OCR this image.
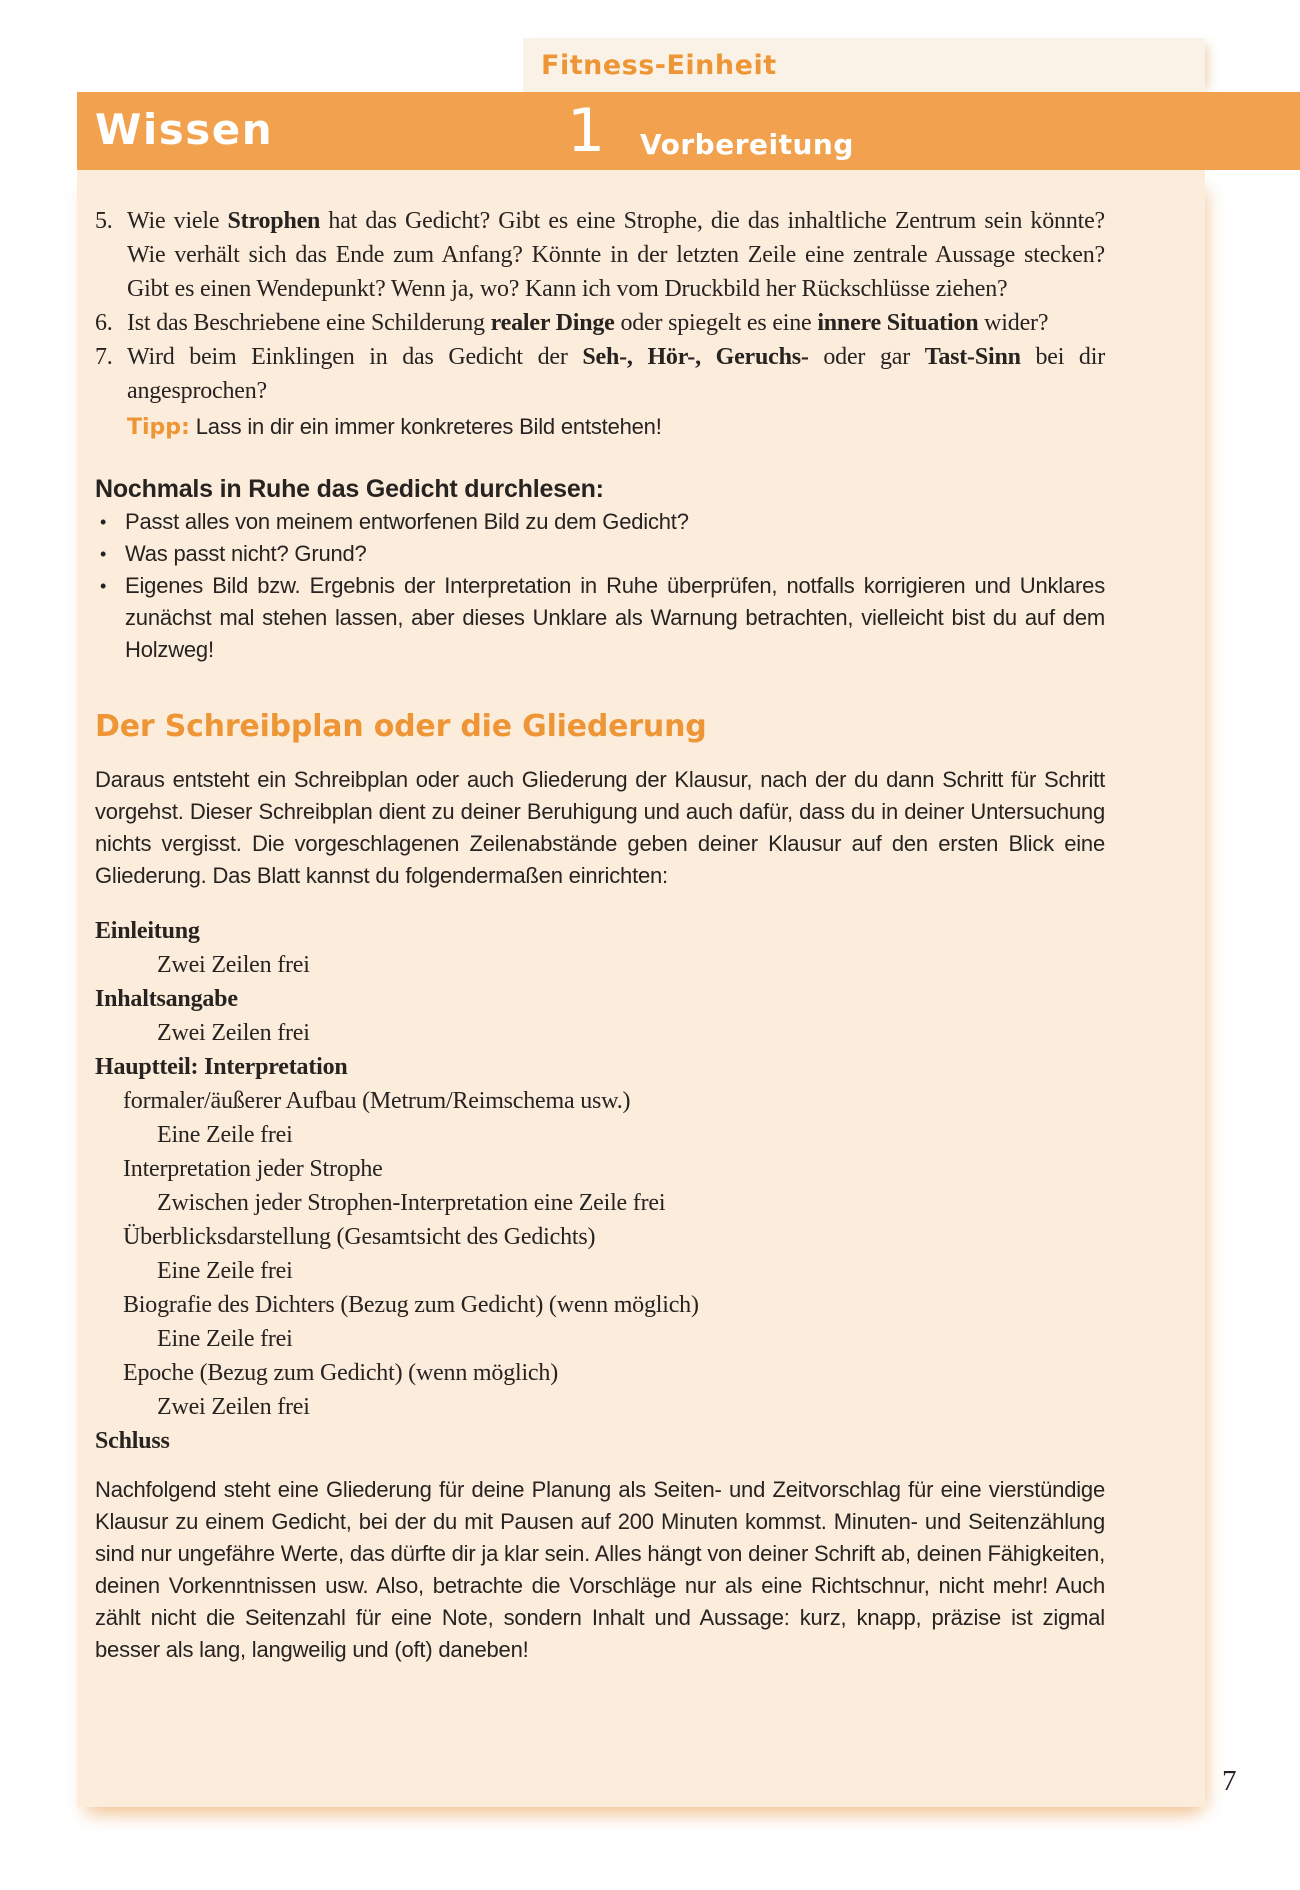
Fitness-Einheit
Wissen	1 Vorbereitung
5. Wie viele Strophen hat das Gedicht? Gibt es eine Strophe, die das inhaltliche Zentrum sein könnte? Wie verhält sich das Ende zum Anfang? Könnte in der letzten Zeile eine zentrale Aussage stecken? Gibt es einen Wendepunkt? Wenn ja, wo? Kann ich vom Druckbild her Rückschlüsse ziehen?
6. Ist das Beschriebene eine Schilderung realer Dinge oder spiegelt es eine innere Situation wider?
7. Wird beim Einklingen in das Gedicht der Seh-, Hör-, Geruchs- oder gar Tast-Sinn bei dir angesprochen?
Tipp: Lass in dir ein immer konkreteres Bild entstehen!
Nochmals in Ruhe das Gedicht durchlesen:
• Passt alles von meinem entworfenen Bild zu dem Gedicht?
• Was passt nicht? Grund?
• Eigenes Bild bzw. Ergebnis der Interpretation in Ruhe überprüfen, notfalls korrigieren und Unklares zunächst mal stehen lassen, aber dieses Unklare als Warnung betrachten, vielleicht bist du auf dem Holzweg!
Der Schreibplan oder die Gliederung

Daraus entsteht ein Schreibplan oder auch Gliederung der Klausur, nach der du dann Schritt für Schritt vorgehst. Dieser Schreibplan dient zu deiner Beruhigung und auch dafür, dass du in deiner Untersuchung nichts vergisst. Die vorgeschlagenen Zeilenabstände geben deiner Klausur auf den ersten Blick eine Gliederung. Das Blatt kannst du folgendermaßen einrichten:

Einleitung
Zwei Zeilen frei
Inhaltsangabe
Zwei Zeilen frei
Hauptteil: Interpretation
formaler/äußerer Aufbau (Metrum/Reimschema usw.)
Eine Zeile frei
Interpretation jeder Strophe
Zwischen jeder Strophen-Interpretation eine Zeile frei
Überblicksdarstellung (Gesamtsicht des Gedichts)
Eine Zeile frei
Biografie des Dichters (Bezug zum Gedicht) (wenn möglich)
Eine Zeile frei
Epoche (Bezug zum Gedicht) (wenn möglich)
Zwei Zeilen frei
Schluss

Nachfolgend steht eine Gliederung für deine Planung als Seiten- und Zeitvorschlag für eine vierstündige Klausur zu einem Gedicht, bei der du mit Pausen auf 200 Minuten kommst. Minuten- und Seitenzählung sind nur ungefähre Werte, das dürfte dir ja klar sein. Alles hängt von deiner Schrift ab, deinen Fähigkeiten, deinen Vorkenntnissen usw. Also, betrachte die Vorschläge nur als eine Richtschnur, nicht mehr! Auch zählt nicht die Seitenzahl für eine Note, sondern Inhalt und Aussage: kurz, knapp, präzise ist zigmal besser als lang, langweilig und (oft) daneben!

7
